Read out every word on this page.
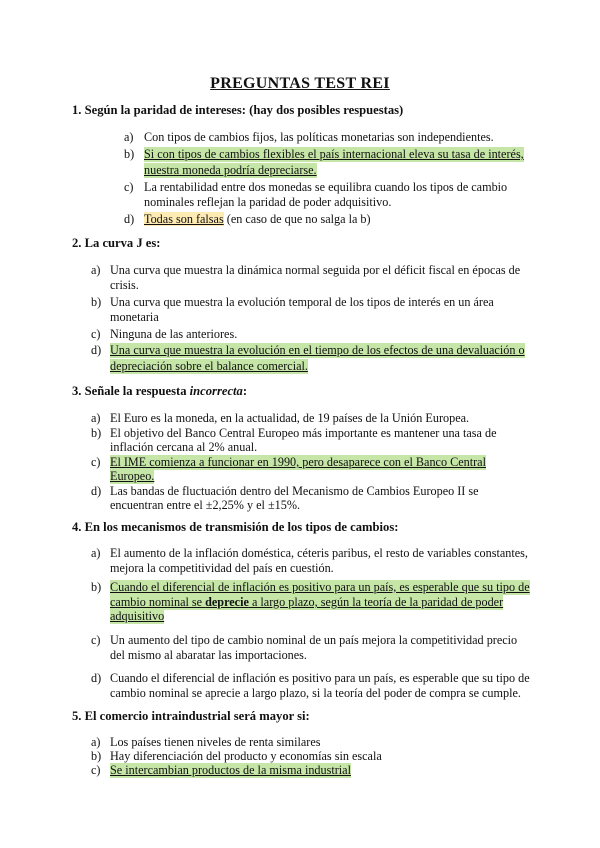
PREGUNTAS TEST REI
1. Según la paridad de intereses: (hay dos posibles respuestas)
a) Con tipos de cambios fijos, las políticas monetarias son independientes.
b) Si con tipos de cambios flexibles el país internacional eleva su tasa de interés,
nuestra moneda podría depreciarse.
c) La rentabilidad entre dos monedas se equilibra cuando los tipos de cambio
nominales reflejan la paridad de poder adquisitivo.
d) Todas son falsas (en caso de que no salga la b)
2. La curva J es:
a) Una curva que muestra la dinámica normal seguida por el déficit fiscal en épocas de
crisis.
b) Una curva que muestra la evolución temporal de los tipos de interés en un área
monetaria
c) Ninguna de las anteriores.
d) Una curva que muestra la evolución en el tiempo de los efectos de una devaluación o
depreciación sobre el balance comercial.
3. Señale la respuesta incorrecta:
a) El Euro es la moneda, en la actualidad, de 19 países de la Unión Europea.
b) El objetivo del Banco Central Europeo más importante es mantener una tasa de
inflación cercana al 2% anual.
c) El IME comienza a funcionar en 1990, pero desaparece con el Banco Central
Europeo.
d) Las bandas de fluctuación dentro del Mecanismo de Cambios Europeo II se
encuentran entre el ±2,25% y el ±15%.
4. En los mecanismos de transmisión de los tipos de cambios:
a) El aumento de la inflación doméstica, céteris paribus, el resto de variables constantes,
mejora la competitividad del país en cuestión.
b) Cuando el diferencial de inflación es positivo para un país, es esperable que su tipo de
cambio nominal se deprecie a largo plazo, según la teoría de la paridad de poder
adquisitivo
c) Un aumento del tipo de cambio nominal de un país mejora la competitividad precio
del mismo al abaratar las importaciones.
d) Cuando el diferencial de inflación es positivo para un país, es esperable que su tipo de
cambio nominal se aprecie a largo plazo, si la teoría del poder de compra se cumple.
5. El comercio intraindustrial será mayor si:
a) Los países tienen niveles de renta similares
b) Hay diferenciación del producto y economías sin escala
c) Se intercambian productos de la misma industrial
